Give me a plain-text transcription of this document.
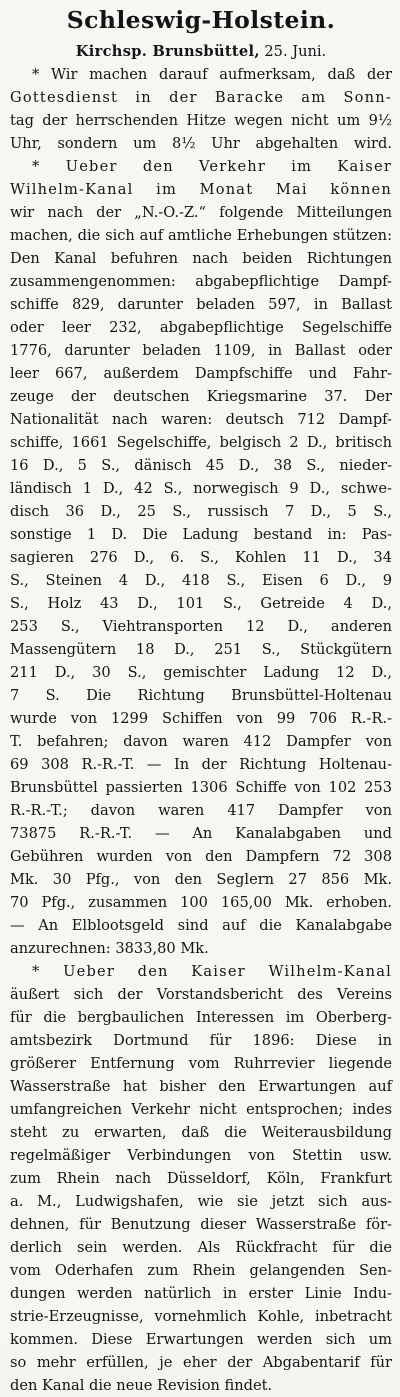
Schleswig-Holstein.
Kirchsp. Brunsbüttel, 25. Juni.
* Wir machen darauf aufmerksam, daß der
Gottesdienst in der Baracke am Sonn-
tag der herrschenden Hitze wegen nicht um 9½
Uhr, sondern um 8½ Uhr abgehalten wird.
* Ueber den Verkehr im Kaiser
Wilhelm-Kanal im Monat Mai können
wir nach der „N.-O.-Z.“ folgende Mitteilungen
machen, die sich auf amtliche Erhebungen stützen:
Den Kanal befuhren nach beiden Richtungen
zusammengenommen: abgabepflichtige Dampf-
schiffe 829, darunter beladen 597, in Ballast
oder leer 232, abgabepflichtige Segelschiffe
1776, darunter beladen 1109, in Ballast oder
leer 667, außerdem Dampfschiffe und Fahr-
zeuge der deutschen Kriegsmarine 37. Der
Nationalität nach waren: deutsch 712 Dampf-
schiffe, 1661 Segelschiffe, belgisch 2 D., britisch
16 D., 5 S., dänisch 45 D., 38 S., nieder-
ländisch 1 D., 42 S., norwegisch 9 D., schwe-
disch 36 D., 25 S., russisch 7 D., 5 S.,
sonstige 1 D. Die Ladung bestand in: Pas-
sagieren 276 D., 6. S., Kohlen 11 D., 34
S., Steinen 4 D., 418 S., Eisen 6 D., 9
S., Holz 43 D., 101 S., Getreide 4 D.,
253 S., Viehtransporten 12 D., anderen
Massengütern 18 D., 251 S., Stückgütern
211 D., 30 S., gemischter Ladung 12 D.,
7 S. Die Richtung Brunsbüttel-Holtenau
wurde von 1299 Schiffen von 99 706 R.-R.-
T. befahren; davon waren 412 Dampfer von
69 308 R.-R.-T. — In der Richtung Holtenau-
Brunsbüttel passierten 1306 Schiffe von 102 253
R.-R.-T.; davon waren 417 Dampfer von
73875 R.-R.-T. — An Kanalabgaben und
Gebühren wurden von den Dampfern 72 308
Mk. 30 Pfg., von den Seglern 27 856 Mk.
70 Pfg., zusammen 100 165,00 Mk. erhoben.
— An Elblootsgeld sind auf die Kanalabgabe
anzurechnen: 3833,80 Mk.
* Ueber den Kaiser Wilhelm-Kanal
äußert sich der Vorstandsbericht des Vereins
für die bergbaulichen Interessen im Oberberg-
amtsbezirk Dortmund für 1896: Diese in
größerer Entfernung vom Ruhrrevier liegende
Wasserstraße hat bisher den Erwartungen auf
umfangreichen Verkehr nicht entsprochen; indes
steht zu erwarten, daß die Weiterausbildung
regelmäßiger Verbindungen von Stettin usw.
zum Rhein nach Düsseldorf, Köln, Frankfurt
a. M., Ludwigshafen, wie sie jetzt sich aus-
dehnen, für Benutzung dieser Wasserstraße för-
derlich sein werden. Als Rückfracht für die
vom Oderhafen zum Rhein gelangenden Sen-
dungen werden natürlich in erster Linie Indu-
strie-Erzeugnisse, vornehmlich Kohle, inbetracht
kommen. Diese Erwartungen werden sich um
so mehr erfüllen, je eher der Abgabentarif für
den Kanal die neue Revision findet.
